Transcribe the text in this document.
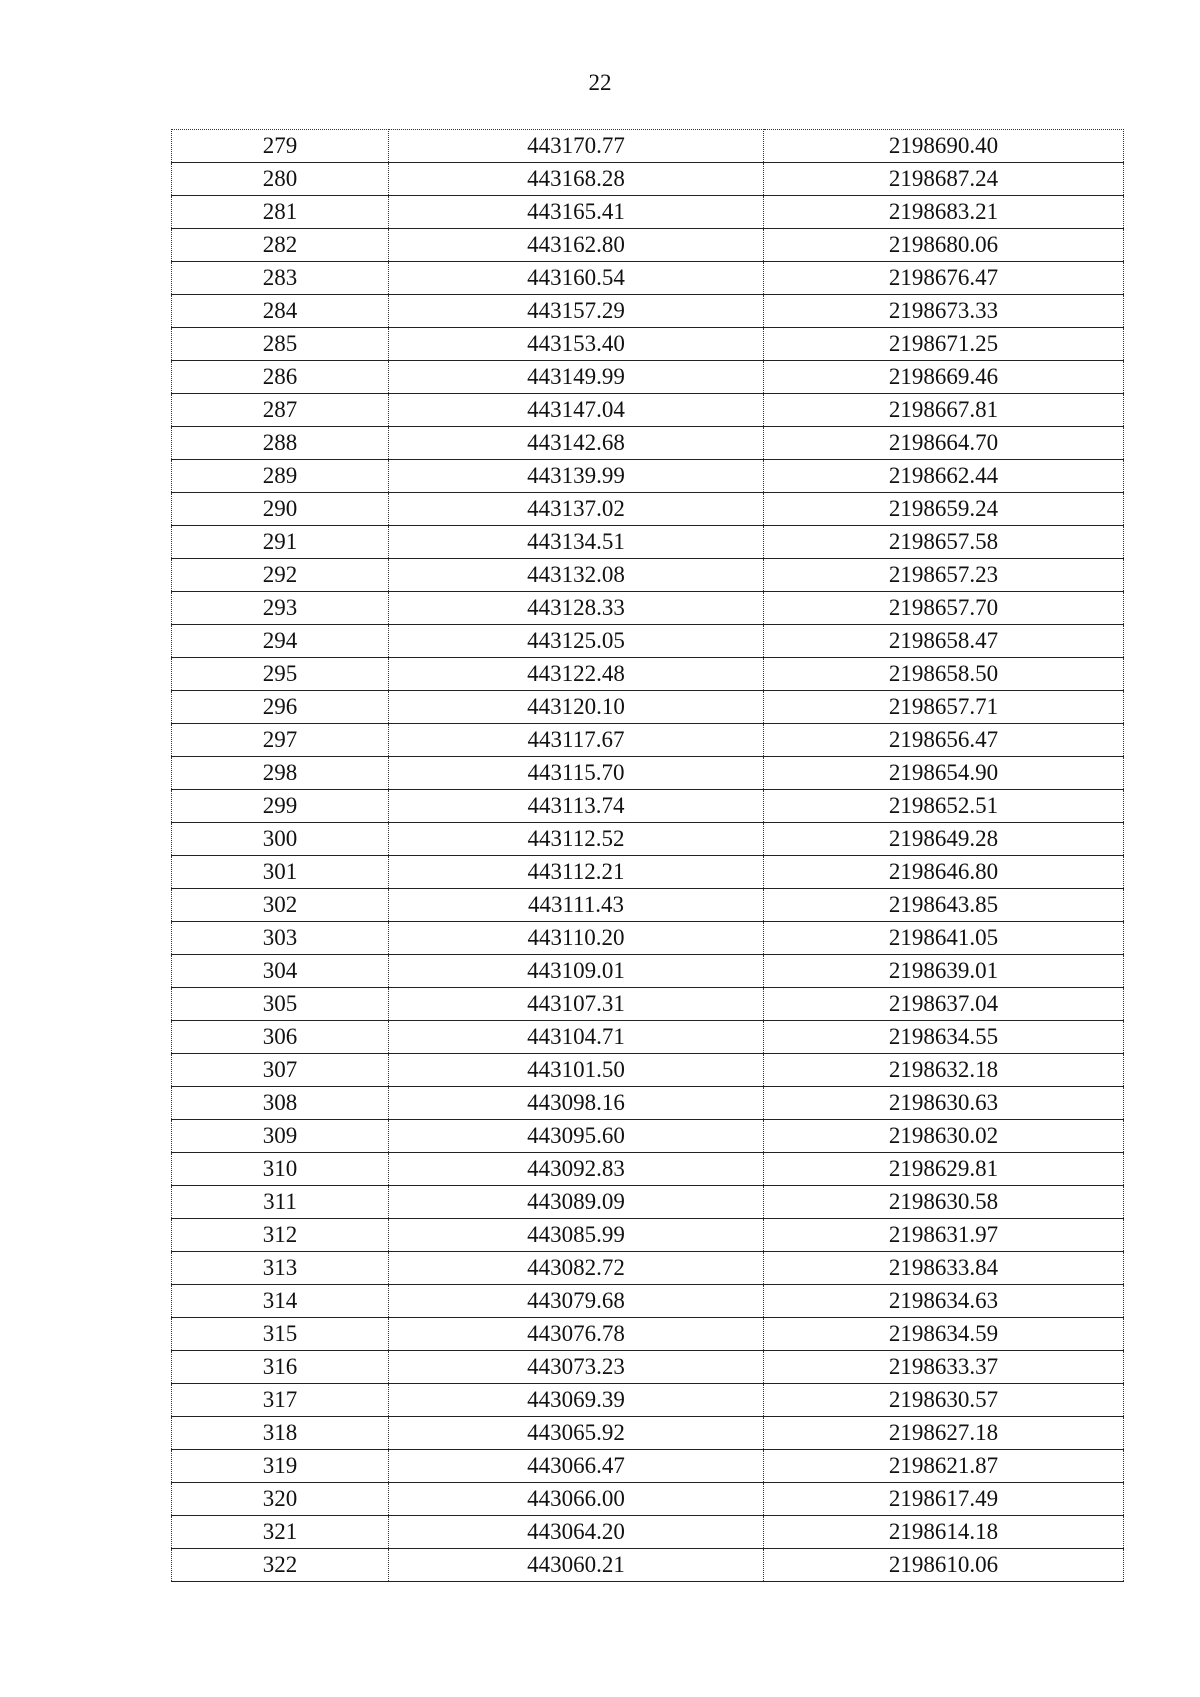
22
279	443170.77	2198690.40
280	443168.28	2198687.24
281	443165.41	2198683.21
282	443162.80	2198680.06
283	443160.54	2198676.47
284	443157.29	2198673.33
285	443153.40	2198671.25
286	443149.99	2198669.46
287	443147.04	2198667.81
288	443142.68	2198664.70
289	443139.99	2198662.44
290	443137.02	2198659.24
291	443134.51	2198657.58
292	443132.08	2198657.23
293	443128.33	2198657.70
294	443125.05	2198658.47
295	443122.48	2198658.50
296	443120.10	2198657.71
297	443117.67	2198656.47
298	443115.70	2198654.90
299	443113.74	2198652.51
300	443112.52	2198649.28
301	443112.21	2198646.80
302	443111.43	2198643.85
303	443110.20	2198641.05
304	443109.01	2198639.01
305	443107.31	2198637.04
306	443104.71	2198634.55
307	443101.50	2198632.18
308	443098.16	2198630.63
309	443095.60	2198630.02
310	443092.83	2198629.81
311	443089.09	2198630.58
312	443085.99	2198631.97
313	443082.72	2198633.84
314	443079.68	2198634.63
315	443076.78	2198634.59
316	443073.23	2198633.37
317	443069.39	2198630.57
318	443065.92	2198627.18
319	443066.47	2198621.87
320	443066.00	2198617.49
321	443064.20	2198614.18
322	443060.21	2198610.06
